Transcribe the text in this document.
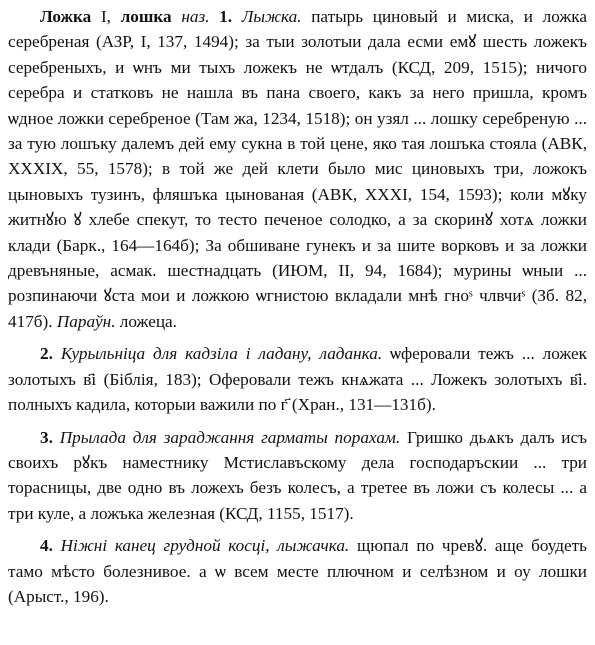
Ложка I, лошка наз. 1. Лыжка. патырь циновый и миска, и ложка серебреная (АЗР, I, 137, 1494); за тыи золотыи дала есми емꙋ шесть ложекъ серебреныхъ, и ѡнъ ми тыхъ ложекъ не ѡтдалъ (КСД, 209, 1515); ничого серебра и статковъ не нашла въ пана своего, какъ за него пришла, кромъ ѡдное ложки серебреное (Там жа, 1234, 1518); он узял ... лошку серебреную ... за тую лошъку далемъ дей ему сукна в той цене, яко тая лошъка стояла (АВК, XXXIX, 55, 1578); в той же дей клети было мис циновыхъ три, ложокъ цыновыхъ тузинъ, фляшъка цынованая (АВК, XXXI, 154, 1593); коли мꙋку житнꙋю ꙋ хлебе спекут, то тесто печеное солодко, а за скоринꙋ хотѧ ложки клади (Барк., 164—164б); За обшиване гунекъ и за шите ворковъ и за ложки древъняные, асмак. шестнадцать (ИЮМ, II, 94, 1684); мурины ѡныи ... розпинаючи ꙋста мои и ложкою ѡгнистою вкладали мнѣ гноˢ члвчиˢ (Зб. 82, 417б). Параўн. ложеца.

2. Курыльніца для кадзіла і ладану, ладанка. ѡферовали тежъ ... ложек золотыхъ в҃і (Біблія, 183); Оферовали тежъ кнѧжата ... Ложекъ золотыхъ в҃і. полныхъ кадила, которыи важили по г҃ (Хран., 131—131б).

3. Прылада для зараджання гарматы порахам. Гришко дьѧкъ далъ исъ своихъ рꙋкъ наместнику Мстиславъскому дела господаръскии ... три торасницы, две одно въ ложехъ безъ колесъ, а третее въ ложи съ колесы ... а три куле, а ложъка железная (КСД, 1155, 1517).

4. Ніжні канец грудной косці, лыжачка. щюпал по чревꙋ. аще боудеть тамо мѣсто болезнивое. а ѡ всем месте плючном и селѣзном и оу лошки (Арыст., 196).
